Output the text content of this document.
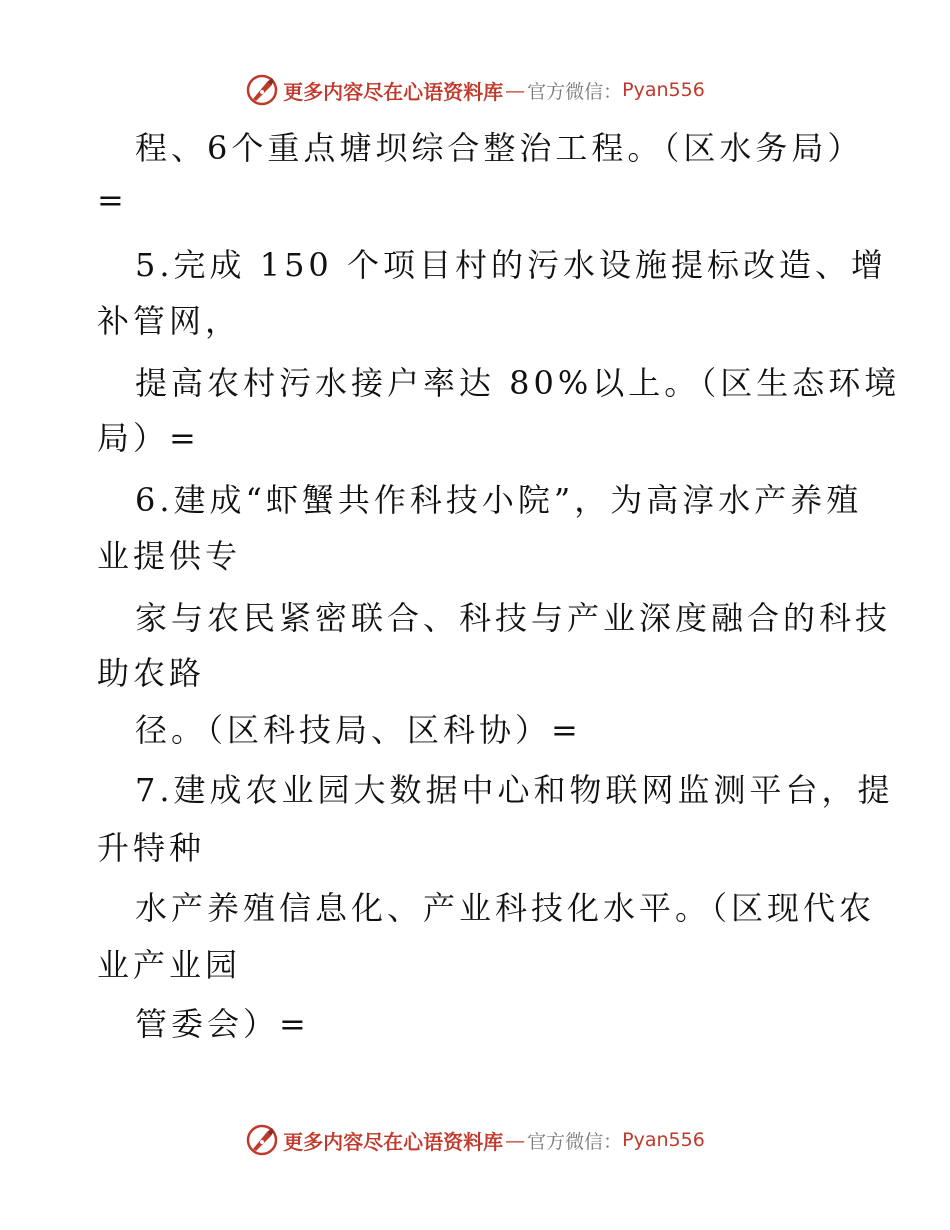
更多内容尽在心语资料库 — 官方微信： Pyan556
程、6个重点塘坝综合整治工程。（区水务局）
=
5.完成 150 个项目村的污水设施提标改造、增
补管网，
提高农村污水接户率达 80%以上。（区生态环境
局）=
6.建成“虾蟹共作科技小院”，为高淳水产养殖
业提供专
家与农民紧密联合、科技与产业深度融合的科技
助农路
径。（区科技局、区科协）=
7.建成农业园大数据中心和物联网监测平台，提
升特种
水产养殖信息化、产业科技化水平。（区现代农
业产业园
管委会）=
更多内容尽在心语资料库 — 官方微信： Pyan556
